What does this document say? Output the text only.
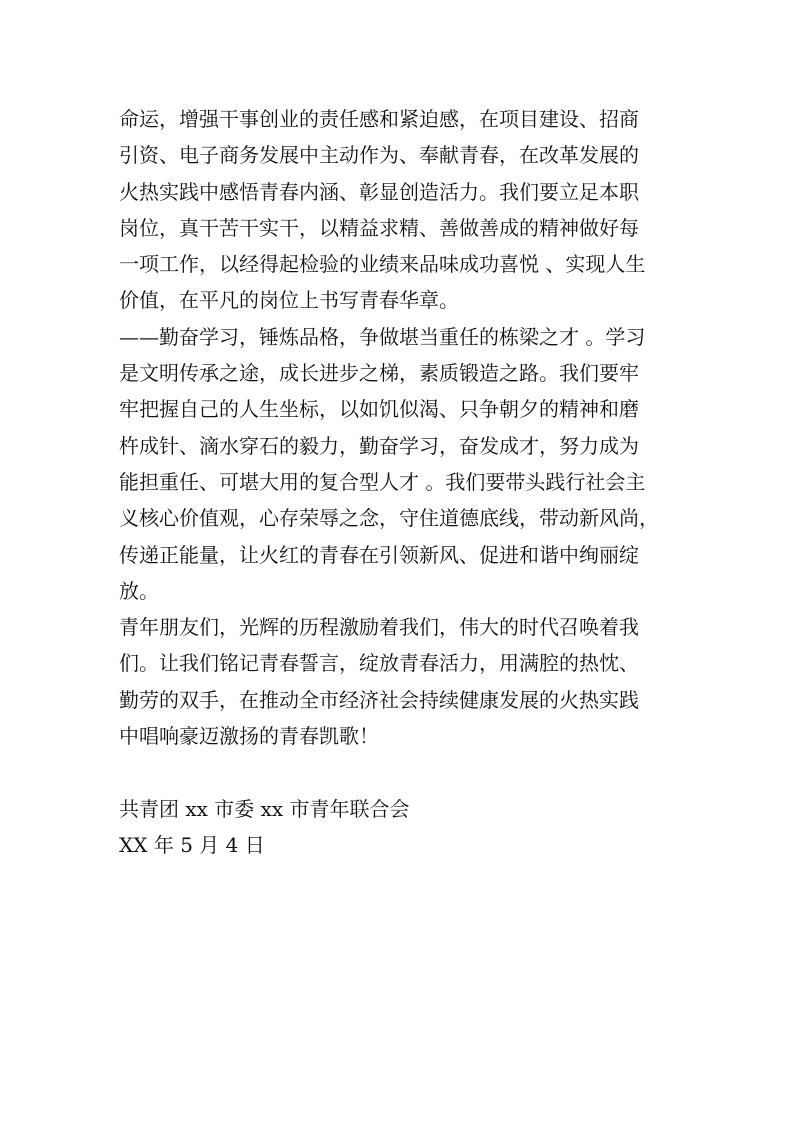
命运，增强干事创业的责任感和紧迫感，在项目建设、招商
引资、电子商务发展中主动作为、奉献青春，在改革发展的
火热实践中感悟青春内涵、彰显创造活力。我们要立足本职
岗位，真干苦干实干，以精益求精、善做善成的精神做好每
一项工作，以经得起检验的业绩来品味成功喜悦 、实现人生
价值，在平凡的岗位上书写青春华章。
——勤奋学习，锤炼品格，争做堪当重任的栋梁之才 。学习
是文明传承之途，成长进步之梯，素质锻造之路。我们要牢
牢把握自己的人生坐标，以如饥似渴、只争朝夕的精神和磨
杵成针、滴水穿石的毅力，勤奋学习，奋发成才，努力成为
能担重任、可堪大用的复合型人才 。我们要带头践行社会主
义核心价值观，心存荣辱之念，守住道德底线，带动新风尚，
传递正能量，让火红的青春在引领新风、促进和谐中绚丽绽
放。
青年朋友们，光辉的历程激励着我们，伟大的时代召唤着我
们。让我们铭记青春誓言，绽放青春活力，用满腔的热忱、
勤劳的双手，在推动全市经济社会持续健康发展的火热实践
中唱响豪迈激扬的青春凯歌！
共青团 xx 市委 xx 市青年联合会
XX 年 5 月 4 日
